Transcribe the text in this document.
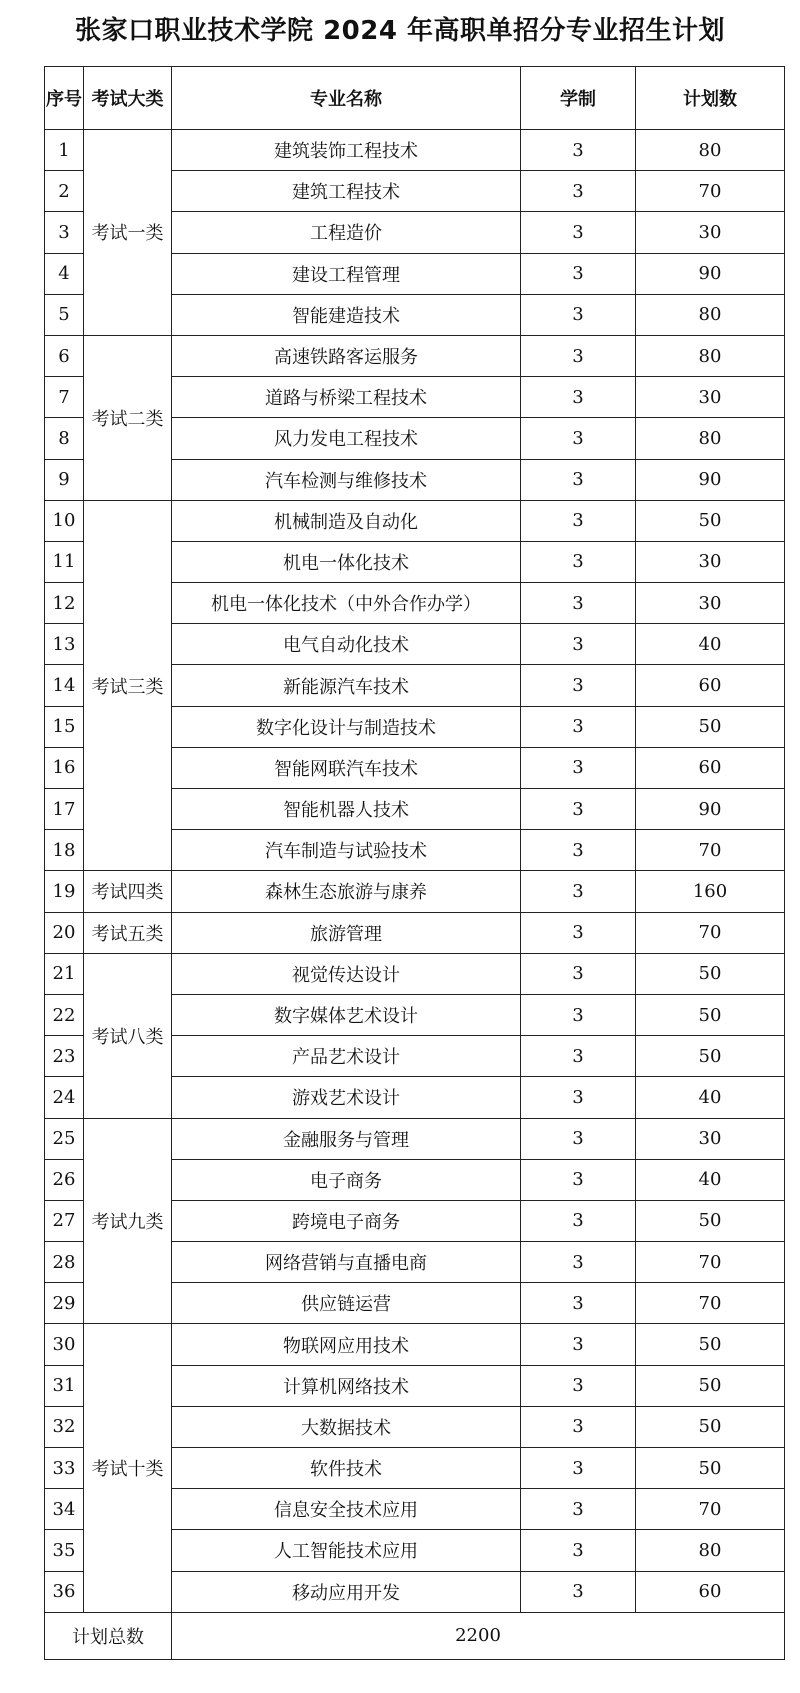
张家口职业技术学院 2024 年高职单招分专业招生计划
序号	考试大类	专业名称	学制	计划数
1	考试一类	建筑装饰工程技术	3	80
2		建筑工程技术	3	70
3		工程造价	3	30
4		建设工程管理	3	90
5		智能建造技术	3	80
6	考试二类	高速铁路客运服务	3	80
7		道路与桥梁工程技术	3	30
8		风力发电工程技术	3	80
9		汽车检测与维修技术	3	90
10	考试三类	机械制造及自动化	3	50
11		机电一体化技术	3	30
12		机电一体化技术（中外合作办学）	3	30
13		电气自动化技术	3	40
14		新能源汽车技术	3	60
15		数字化设计与制造技术	3	50
16		智能网联汽车技术	3	60
17		智能机器人技术	3	90
18		汽车制造与试验技术	3	70
19	考试四类	森林生态旅游与康养	3	160
20	考试五类	旅游管理	3	70
21	考试八类	视觉传达设计	3	50
22		数字媒体艺术设计	3	50
23		产品艺术设计	3	50
24		游戏艺术设计	3	40
25	考试九类	金融服务与管理	3	30
26		电子商务	3	40
27		跨境电子商务	3	50
28		网络营销与直播电商	3	70
29		供应链运营	3	70
30	考试十类	物联网应用技术	3	50
31		计算机网络技术	3	50
32		大数据技术	3	50
33		软件技术	3	50
34		信息安全技术应用	3	70
35		人工智能技术应用	3	80
36		移动应用开发	3	60
计划总数		2200		
